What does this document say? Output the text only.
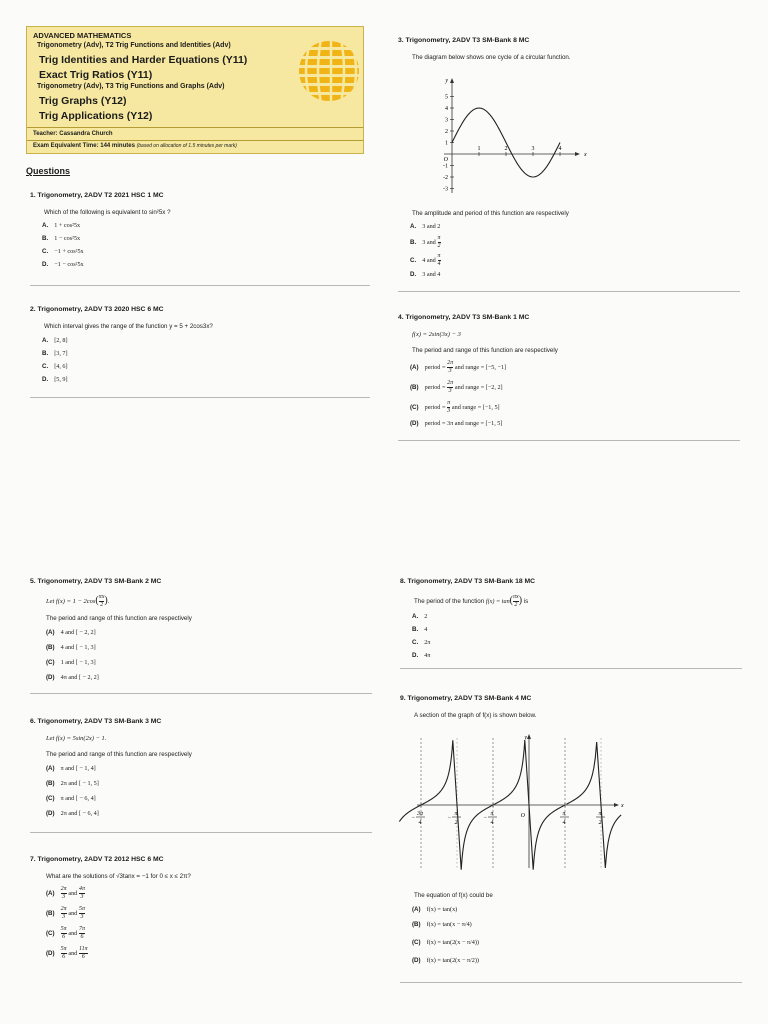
ADVANCED MATHEMATICS
Trigonometry (Adv), T2 Trig Functions and Identities (Adv)
Trig Identities and Harder Equations (Y11)
Exact Trig Ratios (Y11)
Trigonometry (Adv), T3 Trig Functions and Graphs (Adv)
Trig Graphs (Y12)
Trig Applications (Y12)
Teacher: Cassandra Church
Exam Equivalent Time: 144 minutes (based on allocation of 1.5 minutes per mark)
Questions
1. Trigonometry, 2ADV T2 2021 HSC 1 MC
Which of the following is equivalent to sin²5x ?
A. 1 + cos²5x
B. 1 − cos²5x
C. −1 + cos²5x
D. −1 − cos²5x
2. Trigonometry, 2ADV T3 2020 HSC 6 MC
Which interval gives the range of the function y = 5 + 2cos3x?
A. [2, 8]
B. [3, 7]
C. [4, 6]
D. [5, 9]
3. Trigonometry, 2ADV T3 SM-Bank 8 MC
The diagram below shows one cycle of a circular function.
y
x
O
1	2	3	4
5
4
3
2
1
-1
-2
-3
The amplitude and period of this function are respectively
A. 3 and 2
B. 3 and $\frac{\pi}{2}$
C. 4 and $\frac{\pi}{4}$
D. 3 and 4
4. Trigonometry, 2ADV T3 SM-Bank 1 MC
f(x) = 2sin(3x) − 3
The period and range of this function are respectively
(A) period = $\frac{2\pi}{3}$ and range = [−5, −1]
(B) period = $\frac{2\pi}{3}$ and range = [−2, 2]
(C) period = $\frac{\pi}{3}$ and range = [−1, 5]
(D) period = 3π and range = [−1, 5]
5. Trigonometry, 2ADV T3 SM-Bank 2 MC
Let $f(x) = 1 - 2\cos( \frac{\pi x}{2}$ ).
The period and range of this function are respectively
(A) 4 and [ − 2, 2]
(B) 4 and [ − 1, 3]
(C) 1 and [ − 1, 3]
(D) 4π and [ − 2, 2]
6. Trigonometry, 2ADV T3 SM-Bank 3 MC
Let f(x) = 5sin(2x) − 1.
The period and range of this function are respectively
(A) π and [ − 1, 4]
(B) 2π and [ − 1, 5]
(C) π and [ − 6, 4]
(D) 2π and [ − 6, 4]
7. Trigonometry, 2ADV T2 2012 HSC 6 MC
What are the solutions of √3tanx = −1 for 0 ≤ x ≤ 2π?
$(A) \frac{2\pi}{3}$ and $\frac{4\pi}{3}$
$(B) \frac{2\pi}{3}$ and $\frac{5\pi}{3}$
$(C) \frac{5\pi}{6}$ and $\frac{7\pi}{6}$
$(D) \frac{5\pi}{6}$ and $\frac{11\pi}{6}$
8. Trigonometry, 2ADV T3 SM-Bank 18 MC
The period of the function $f(x) = \tan( \frac{\pi x}{2}$ ) is
A. 2
B. 4
C. 2π
D. 4π
9. Trigonometry, 2ADV T3 SM-Bank 4 MC
A section of the graph of f(x) is shown below.
x
y
O
−
3π
4
−
π
2
−
π
4
π
4
π
2
The equation of f(x) could be
(A) f(x) = tan(x)
(B) f(x) = tan(x − π/4)
(C) f(x) = tan(2(x − π/4))
(D) f(x) = tan(2(x − π/2))
